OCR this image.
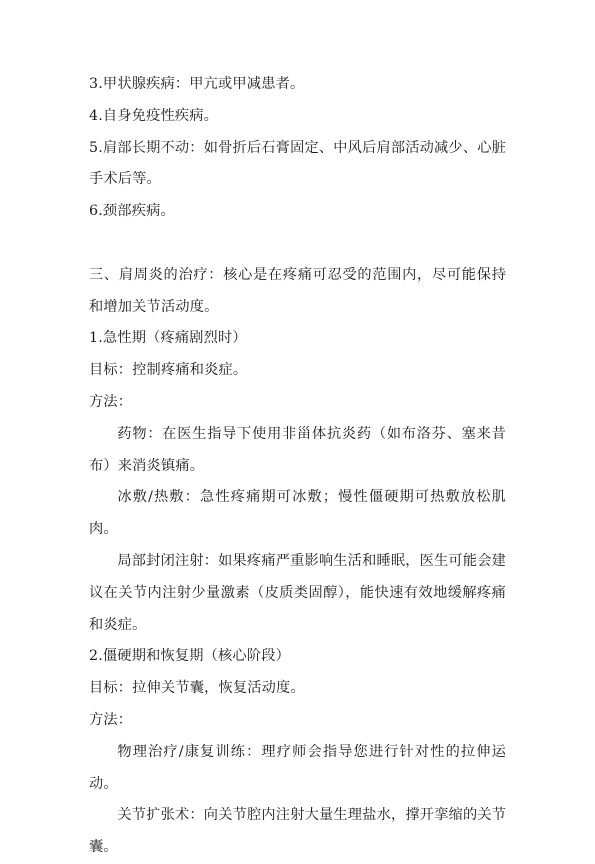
3.甲状腺疾病：甲亢或甲减患者。

4.自身免疫性疾病。

5.肩部长期不动：如骨折后石膏固定、中风后肩部活动减少、心脏手术后等。

6.颈部疾病。

三、肩周炎的治疗：核心是在疼痛可忍受的范围内，尽可能保持和增加关节活动度。

1.急性期（疼痛剧烈时）

目标：控制疼痛和炎症。

方法：

药物：在医生指导下使用非甾体抗炎药（如布洛芬、塞来昔布）来消炎镇痛。

冰敷/热敷：急性疼痛期可冰敷；慢性僵硬期可热敷放松肌肉。

局部封闭注射：如果疼痛严重影响生活和睡眠，医生可能会建议在关节内注射少量激素（皮质类固醇），能快速有效地缓解疼痛和炎症。

2.僵硬期和恢复期（核心阶段）

目标：拉伸关节囊，恢复活动度。

方法：

物理治疗/康复训练：理疗师会指导您进行针对性的拉伸运动。

关节扩张术：向关节腔内注射大量生理盐水，撑开挛缩的关节囊。
